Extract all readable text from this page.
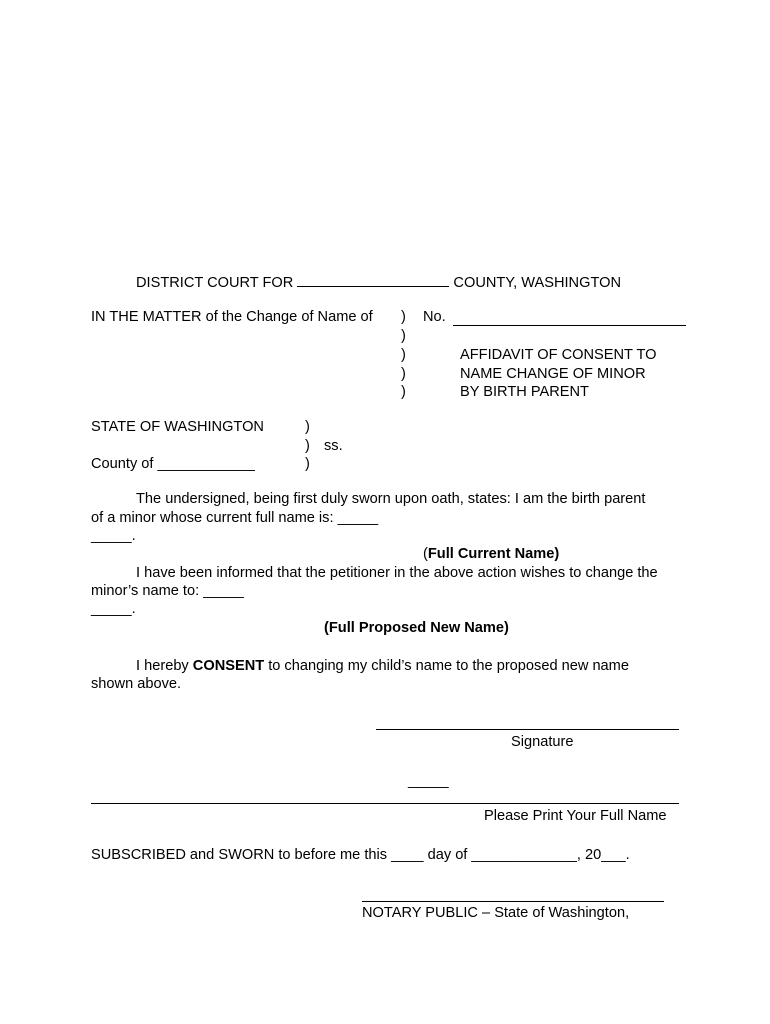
DISTRICT COURT FOR	COUNTY, WASHINGTON
IN THE MATTER of the Change of Name of )
)
)
)
)
No.
AFFIDAVIT OF CONSENT TO
NAME CHANGE OF MINOR
BY BIRTH PARENT
STATE OF WASHINGTON	)
) ss.
County of ____________	)
The undersigned, being first duly sworn upon oath, states: I am the birth parent
of a minor whose current full name is: _____
_____.
(Full Current Name)
I have been informed that the petitioner in the above action wishes to change the
minor’s name to: _____
_____.
(Full Proposed New Name)
I hereby CONSENT to changing my child’s name to the proposed new name
shown above.
Signature
_____
Please Print Your Full Name
SUBSCRIBED and SWORN to before me this ____ day of _____________, 20___.
NOTARY PUBLIC – State of Washington,
